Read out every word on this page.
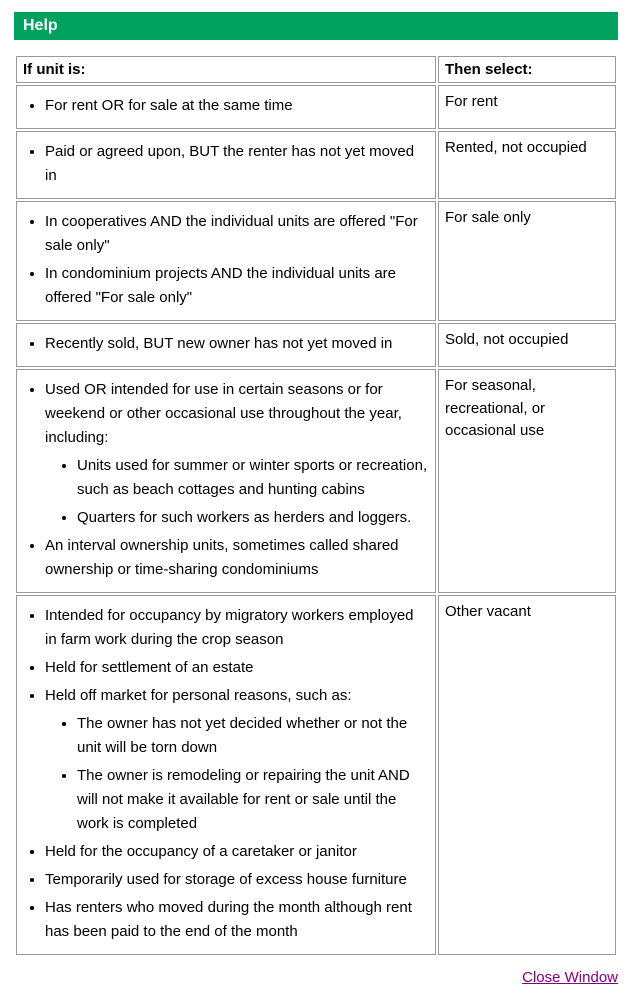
Help
If unit is:	Then select:

• For rent OR for sale at the same time	For rent

• Paid or agreed upon, BUT the renter has not yet moved in
	Rented, not occupied

• In cooperatives AND the individual units are offered "For sale only"
• In condominium projects AND the individual units are offered "For sale only"
	For sale only

• Recently sold, BUT new owner has not yet moved in	Sold, not occupied

• Used OR intended for use in certain seasons or for weekend or other occasional use throughout the year, including:
• Units used for summer or winter sports or recreation, such as beach cottages and hunting cabins
• Quarters for such workers as herders and loggers.
• An interval ownership units, sometimes called shared ownership or time-sharing condominiums
	For seasonal, recreational, or occasional use

• Intended for occupancy by migratory workers employed in farm work during the crop season
• Held for settlement of an estate
• Held off market for personal reasons, such as:
• The owner has not yet decided whether or not the unit will be torn down
• The owner is remodeling or repairing the unit AND will not make it available for rent or sale until the work is completed
• Held for the occupancy of a caretaker or janitor
• Temporarily used for storage of excess house furniture
• Has renters who moved during the month although rent has been paid to the end of the month
	Other vacant
Close Window
